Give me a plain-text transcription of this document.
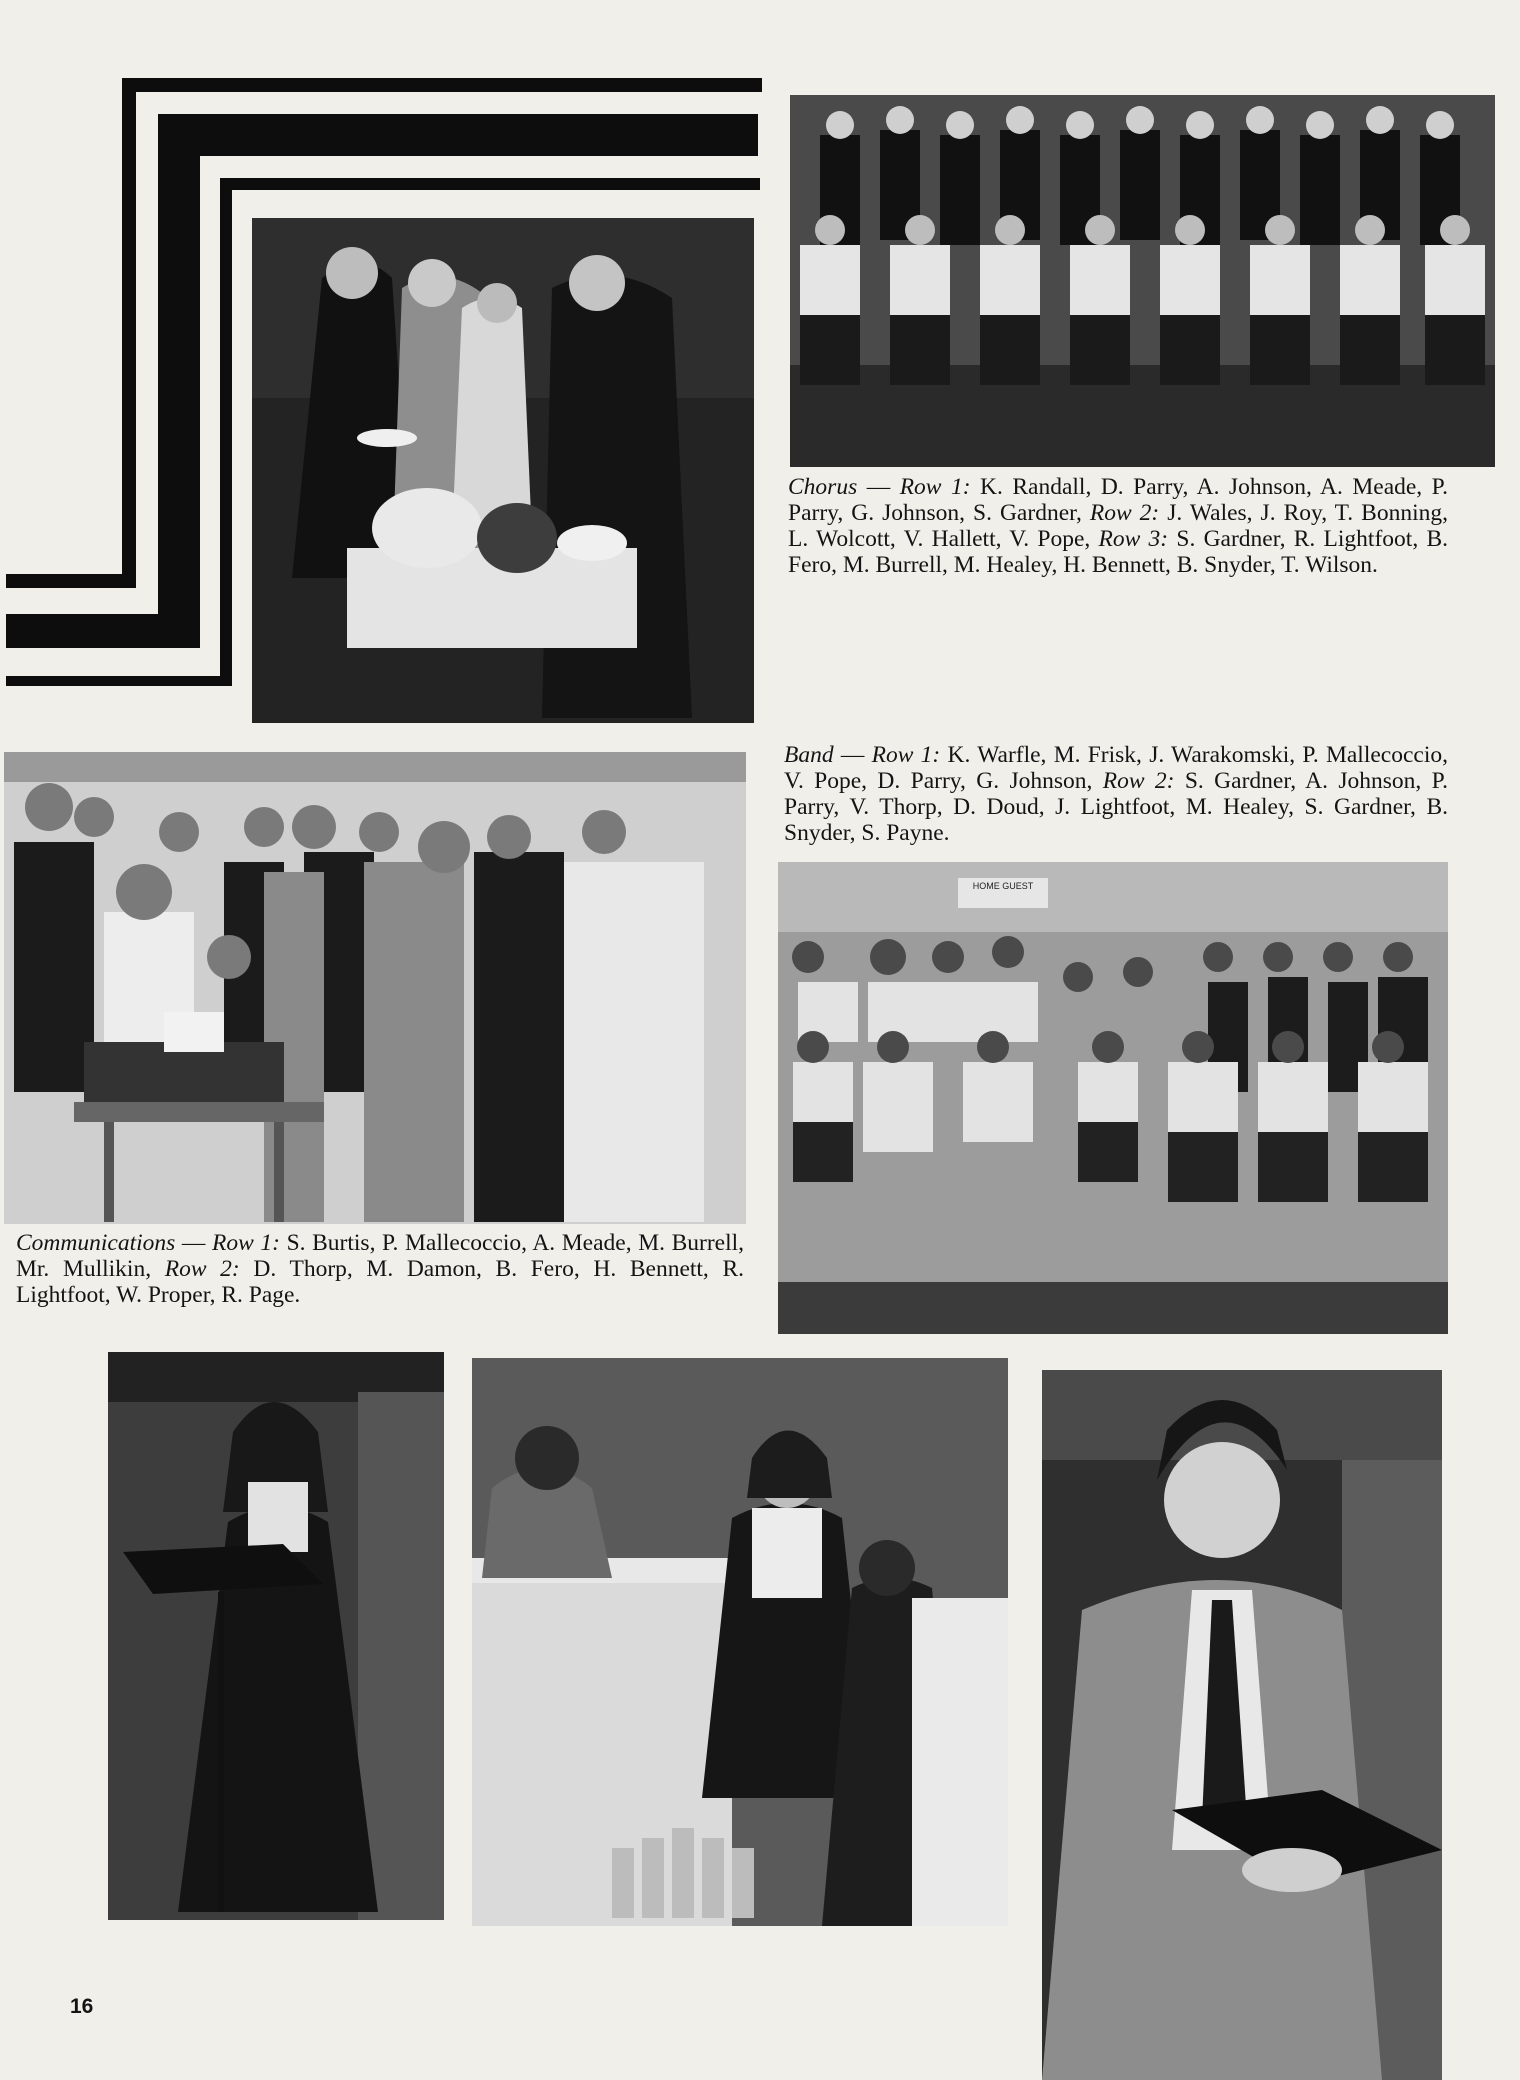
Chorus — Row 1: K. Randall, D. Parry, A. Johnson, A. Meade, P. Parry, G. Johnson, S. Gardner, Row 2: J. Wales, J. Roy, T. Bonning, L. Wolcott, V. Hallett, V. Pope, Row 3: S. Gardner, R. Lightfoot, B. Fero, M. Burrell, M. Healey, H. Bennett, B. Snyder, T. Wilson.

Communications — Row 1: S. Burtis, P. Mallecoccio, A. Meade, M. Burrell, Mr. Mullikin, Row 2: D. Thorp, M. Damon, B. Fero, H. Bennett, R. Lightfoot, W. Proper, R. Page.

Band — Row 1: K. Warfle, M. Frisk, J. Warakomski, P. Mallecoccio, V. Pope, D. Parry, G. Johnson, Row 2: S. Gardner, A. Johnson, P. Parry, V. Thorp, D. Doud, J. Lightfoot, M. Healey, S. Gardner, B. Snyder, S. Payne.

HOME GUEST
16
